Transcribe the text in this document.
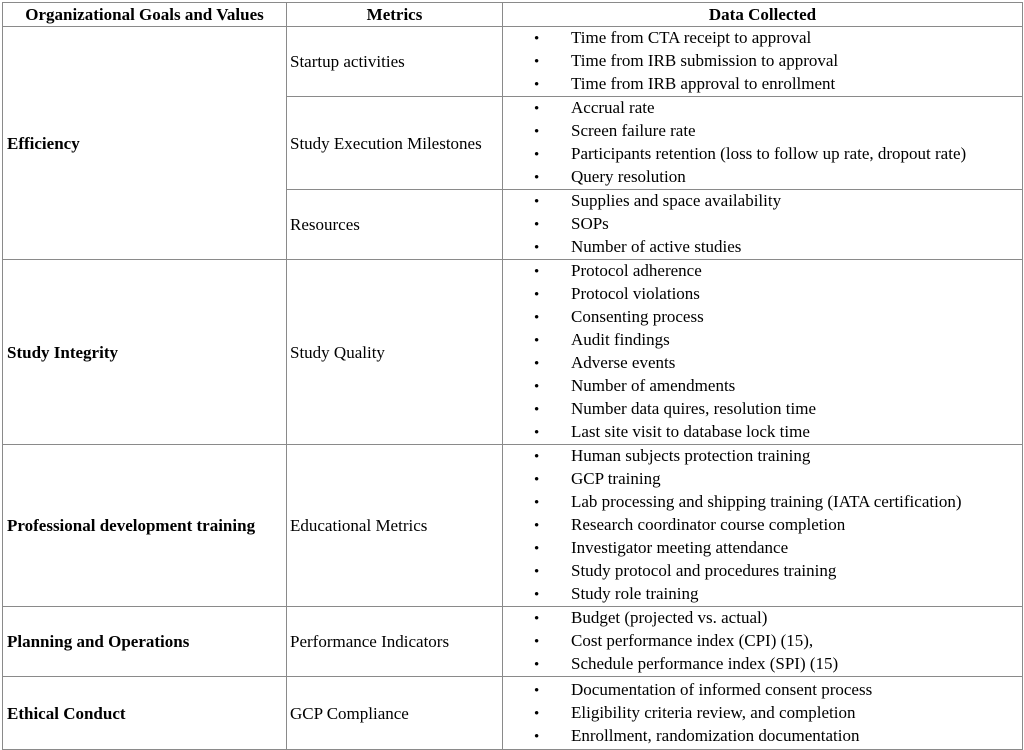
Organizational Goals and Values	Metrics	Data Collected
Efficiency	Startup activities	
•	Time from CTA receipt to approval
•	Time from IRB submission to approval
•	Time from IRB approval to enrollment

Study Execution Milestones	
•	Accrual rate
•	Screen failure rate
•	Participants retention (loss to follow up rate, dropout rate)
•	Query resolution

Resources	
•	Supplies and space availability
•	SOPs
•	Number of active studies

Study Integrity	Study Quality	
•	Protocol adherence
•	Protocol violations
•	Consenting process
•	Audit findings
•	Adverse events
•	Number of amendments
•	Number data quires, resolution time
•	Last site visit to database lock time

Professional development training	Educational Metrics	
•	Human subjects protection training
•	GCP training
•	Lab processing and shipping training (IATA certification)
•	Research coordinator course completion
•	Investigator meeting attendance
•	Study protocol and procedures training
•	Study role training

Planning and Operations	Performance Indicators	
•	Budget (projected vs. actual)
•	Cost performance index (CPI) (15),
•	Schedule performance index (SPI) (15)

Ethical Conduct	GCP Compliance	
•	Documentation of informed consent process
•	Eligibility criteria review, and completion
•	Enrollment, randomization documentation
